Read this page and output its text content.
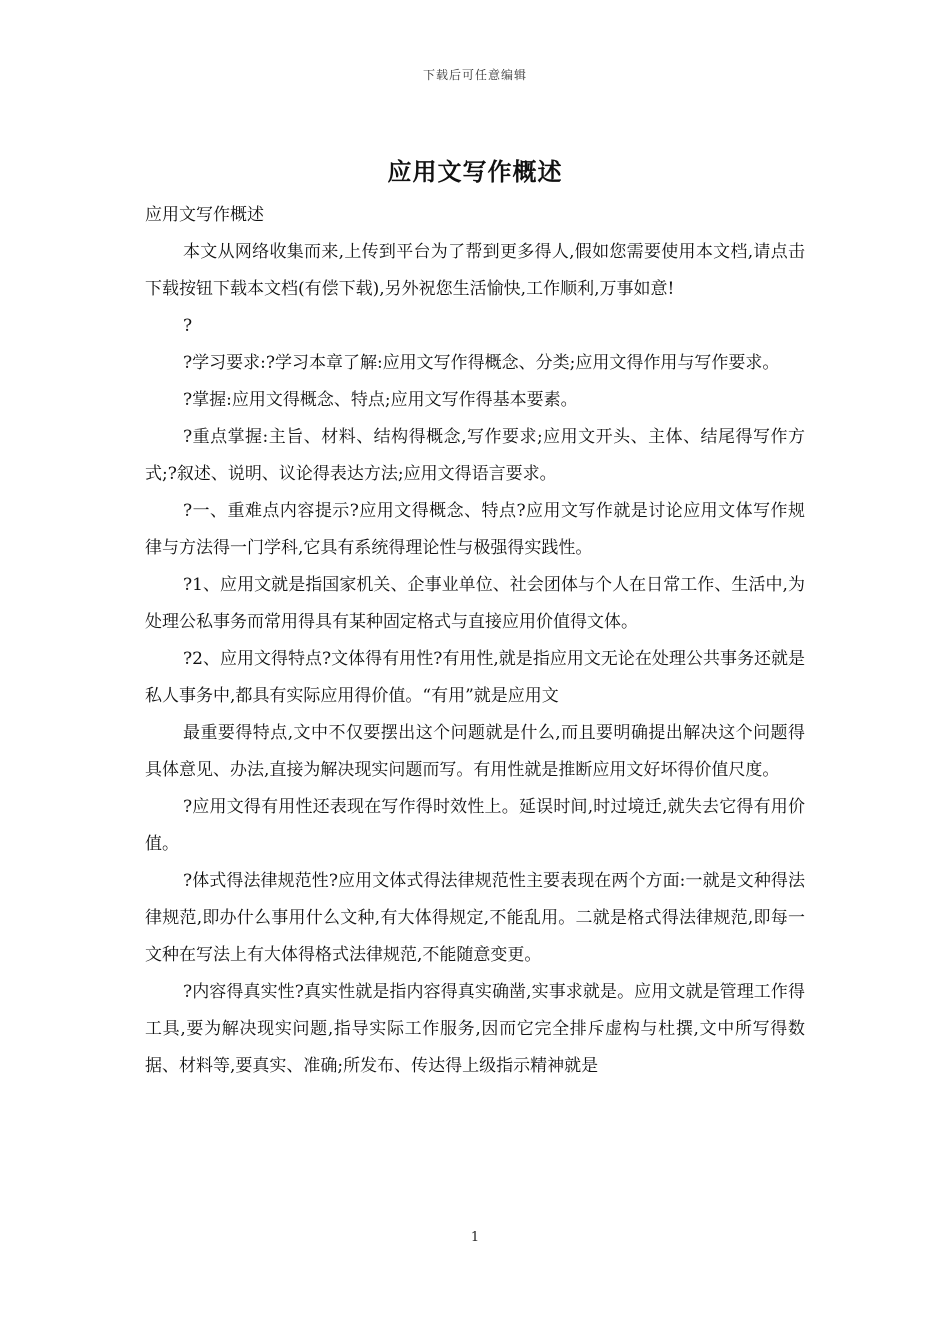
下载后可任意编辑
应用文写作概述

应用文写作概述

本文从网络收集而来,上传到平台为了帮到更多得人,假如您需要使用本文档,请点击下载按钮下载本文档(有偿下载),另外祝您生活愉快,工作顺利,万事如意!

?

?学习要求:?学习本章了解:应用文写作得概念、分类;应用文得作用与写作要求。

?掌握:应用文得概念、特点;应用文写作得基本要素。

?重点掌握:主旨、材料、结构得概念,写作要求;应用文开头、主体、结尾得写作方式;?叙述、说明、议论得表达方法;应用文得语言要求。

?一、重难点内容提示?应用文得概念、特点?应用文写作就是讨论应用文体写作规律与方法得一门学科,它具有系统得理论性与极强得实践性。

?1、应用文就是指国家机关、企事业单位、社会团体与个人在日常工作、生活中,为处理公私事务而常用得具有某种固定格式与直接应用价值得文体。

?2、应用文得特点?文体得有用性?有用性,就是指应用文无论在处理公共事务还就是私人事务中,都具有实际应用得价值。“有用”就是应用文

最重要得特点,文中不仅要摆出这个问题就是什么,而且要明确提出解决这个问题得具体意见、办法,直接为解决现实问题而写。有用性就是推断应用文好坏得价值尺度。

?应用文得有用性还表现在写作得时效性上。延误时间,时过境迁,就失去它得有用价值。

?体式得法律规范性?应用文体式得法律规范性主要表现在两个方面:一就是文种得法律规范,即办什么事用什么文种,有大体得规定,不能乱用。二就是格式得法律规范,即每一文种在写法上有大体得格式法律规范,不能随意变更。

?内容得真实性?真实性就是指内容得真实确凿,实事求就是。应用文就是管理工作得工具,要为解决现实问题,指导实际工作服务,因而它完全排斥虚构与杜撰,文中所写得数据、材料等,要真实、准确;所发布、传达得上级指示精神就是

1
